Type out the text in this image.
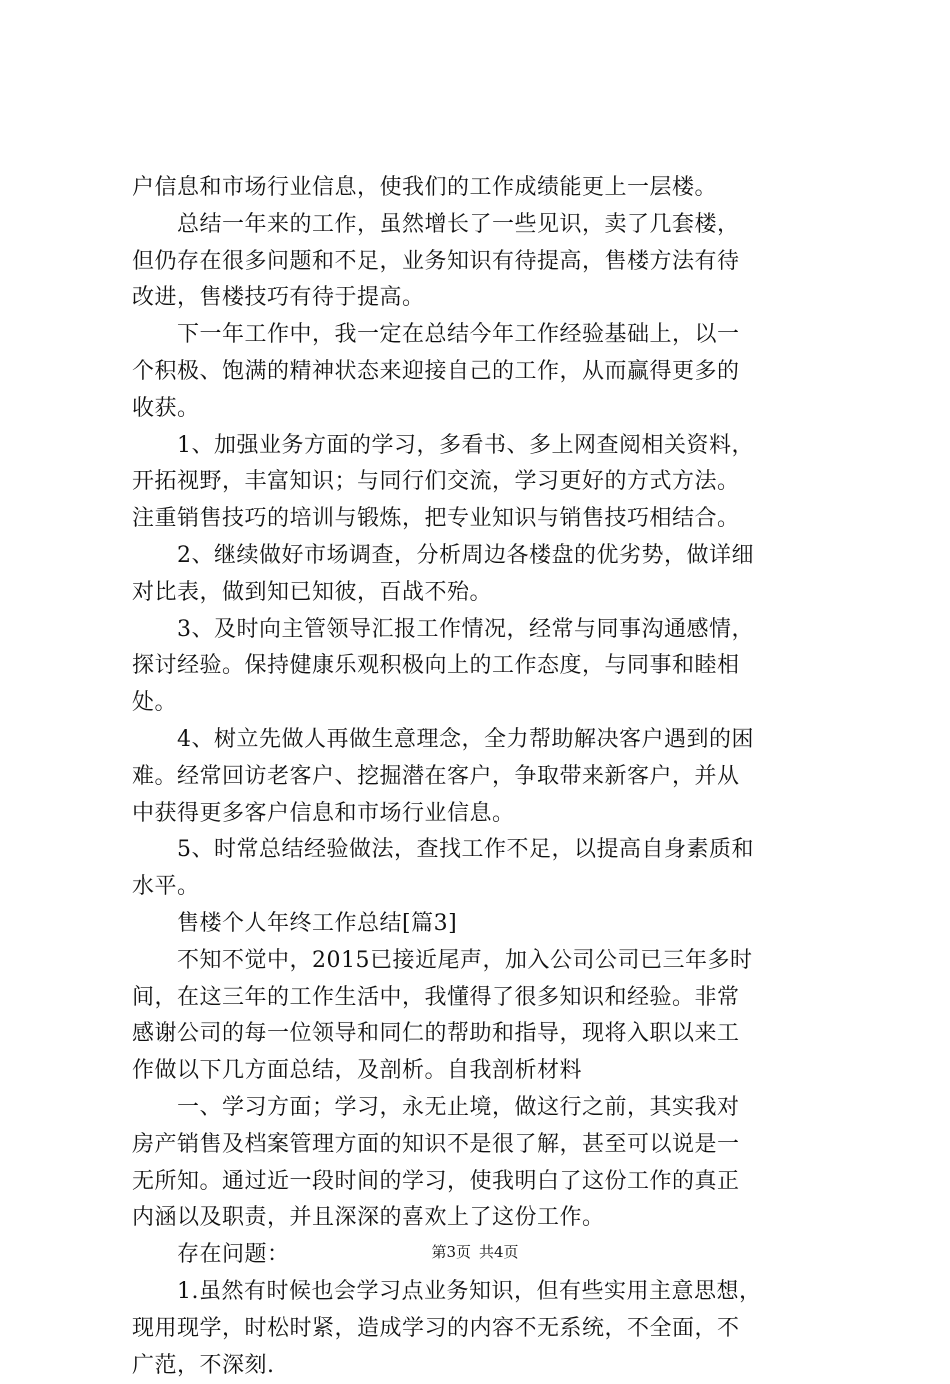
户信息和市场行业信息，使我们的工作成绩能更上一层楼。
　　总结一年来的工作，虽然增长了一些见识，卖了几套楼，
但仍存在很多问题和不足，业务知识有待提高，售楼方法有待
改进，售楼技巧有待于提高。
　　下一年工作中，我一定在总结今年工作经验基础上，以一
个积极、饱满的精神状态来迎接自己的工作，从而赢得更多的
收获。
　　1、加强业务方面的学习，多看书、多上网查阅相关资料，
开拓视野，丰富知识；与同行们交流，学习更好的方式方法。
注重销售技巧的培训与锻炼，把专业知识与销售技巧相结合。
　　2、继续做好市场调查，分析周边各楼盘的优劣势，做详细
对比表，做到知已知彼，百战不殆。
　　3、及时向主管领导汇报工作情况，经常与同事沟通感情，
探讨经验。保持健康乐观积极向上的工作态度，与同事和睦相
处。
　　4、树立先做人再做生意理念，全力帮助解决客户遇到的困
难。经常回访老客户、挖掘潜在客户，争取带来新客户，并从
中获得更多客户信息和市场行业信息。
　　5、时常总结经验做法，查找工作不足，以提高自身素质和
水平。
　　售楼个人年终工作总结[篇3]
　　不知不觉中，2015已接近尾声，加入公司公司已三年多时
间，在这三年的工作生活中，我懂得了很多知识和经验。非常
感谢公司的每一位领导和同仁的帮助和指导，现将入职以来工
作做以下几方面总结，及剖析。自我剖析材料
　　一、学习方面；学习，永无止境，做这行之前，其实我对
房产销售及档案管理方面的知识不是很了解，甚至可以说是一
无所知。通过近一段时间的学习，使我明白了这份工作的真正
内涵以及职责，并且深深的喜欢上了这份工作。
　　存在问题：
　　1.虽然有时候也会学习点业务知识，但有些实用主意思想，
现用现学，时松时紧，造成学习的内容不无系统，不全面，不
广范，不深刻.
第3页 共4页
